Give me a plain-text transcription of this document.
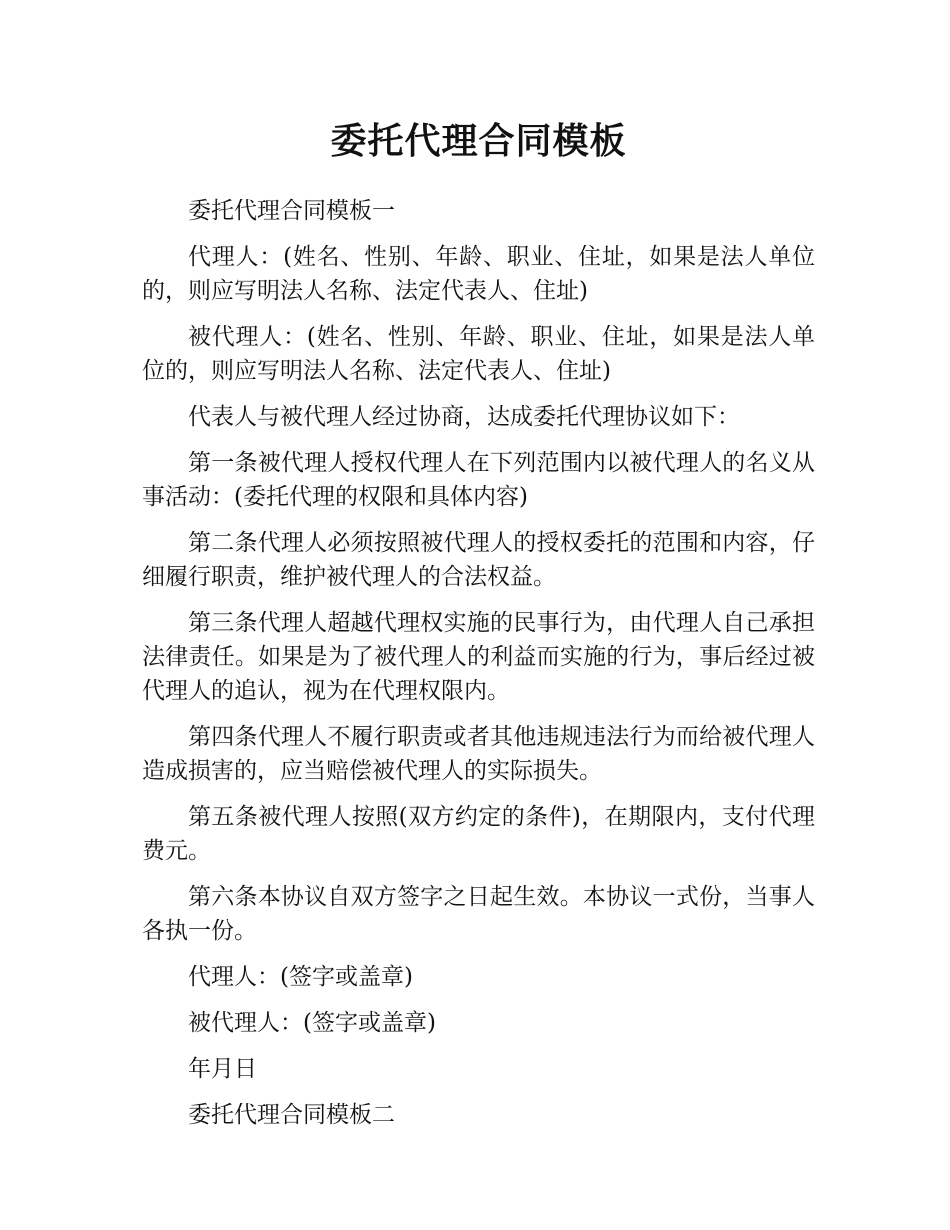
委托代理合同模板

委托代理合同模板一

代理人：(姓名、性别、年龄、职业、住址，如果是法人单位的，则应写明法人名称、法定代表人、住址)

被代理人：(姓名、性别、年龄、职业、住址，如果是法人单位的，则应写明法人名称、法定代表人、住址)

代表人与被代理人经过协商，达成委托代理协议如下：

第一条被代理人授权代理人在下列范围内以被代理人的名义从事活动：(委托代理的权限和具体内容)

第二条代理人必须按照被代理人的授权委托的范围和内容，仔细履行职责，维护被代理人的合法权益。

第三条代理人超越代理权实施的民事行为，由代理人自己承担法律责任。如果是为了被代理人的利益而实施的行为，事后经过被代理人的追认，视为在代理权限内。

第四条代理人不履行职责或者其他违规违法行为而给被代理人造成损害的，应当赔偿被代理人的实际损失。

第五条被代理人按照(双方约定的条件)，在期限内，支付代理费元。

第六条本协议自双方签字之日起生效。本协议一式份，当事人各执一份。

代理人：(签字或盖章)

被代理人：(签字或盖章)

年月日

委托代理合同模板二
